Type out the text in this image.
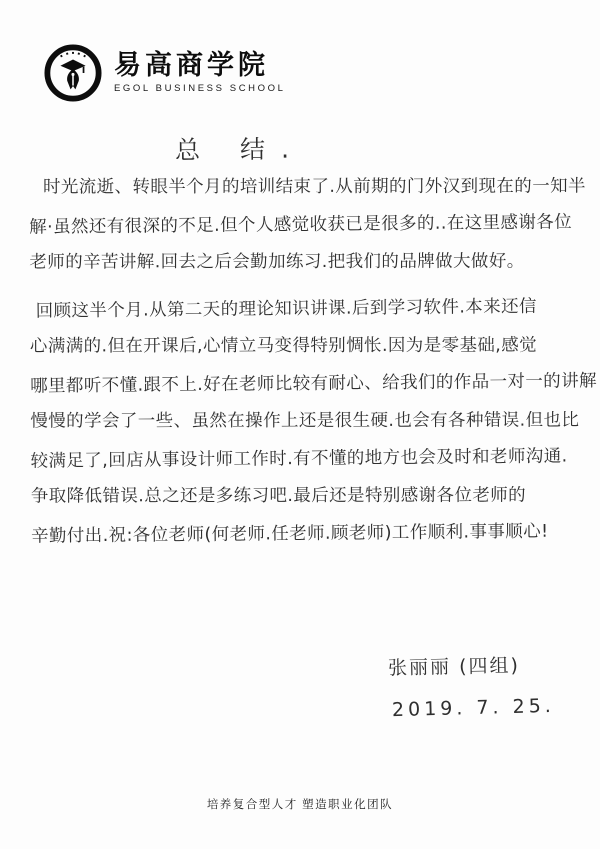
易高商学院
EGOL BUSINESS SCHOOL
总 结.
时光流逝、转眼半个月的培训结束了.从前期的门外汉到现在的一知半
解·虽然还有很深的不足.但个人感觉收获已是很多的..在这里感谢各位
老师的辛苦讲解.回去之后会勤加练习.把我们的品牌做大做好。
回顾这半个月.从第二天的理论知识讲课.后到学习软件.本来还信
心满满的.但在开课后,心情立马变得特别惆怅.因为是零基础,感觉
哪里都听不懂.跟不上.好在老师比较有耐心、给我们的作品一对一的讲解
慢慢的学会了一些、虽然在操作上还是很生硬.也会有各种错误.但也比
较满足了,回店从事设计师工作时.有不懂的地方也会及时和老师沟通.
争取降低错误.总之还是多练习吧.最后还是特别感谢各位老师的
辛勤付出.祝:各位老师(何老师.任老师.顾老师)工作顺利.事事顺心!
张丽丽 (四组)
2019. 7. 25.
培养复合型人才 塑造职业化团队
